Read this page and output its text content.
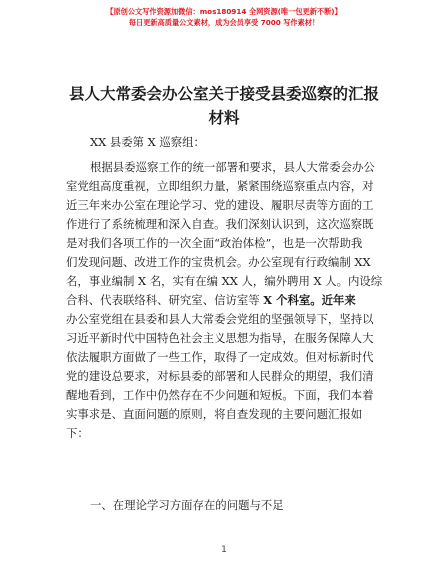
【原创公文写作资源加微信：mos180914 全网资源(唯一包更新不断)】
每日更新高质量公文素材，成为会员享受 7000 写作素材！
县人大常委会办公室关于接受县委巡察的汇报
材料
XX 县委第 X 巡察组：
根据县委巡察工作的统一部署和要求，县人大常委会办公
室党组高度重视，立即组织力量，紧紧围绕巡察重点内容，对
近三年来办公室在理论学习、党的建设、履职尽责等方面的工
作进行了系统梳理和深入自查。我们深刻认识到，这次巡察既
是对我们各项工作的一次全面“政治体检”，也是一次帮助我
们发现问题、改进工作的宝贵机会。办公室现有行政编制 XX
名，事业编制 X 名，实有在编 XX 人，编外聘用 X 人。内设综
合科、代表联络科、研究室、信访室等 X 个科室。近年来
办公室党组在县委和县人大常委会党组的坚强领导下，坚持以
习近平新时代中国特色社会主义思想为指导，在服务保障人大
依法履职方面做了一些工作，取得了一定成效。但对标新时代
党的建设总要求，对标县委的部署和人民群众的期望，我们清
醒地看到，工作中仍然存在不少问题和短板。下面，我们本着
实事求是、直面问题的原则，将自查发现的主要问题汇报如
下：
一、在理论学习方面存在的问题与不足
1
